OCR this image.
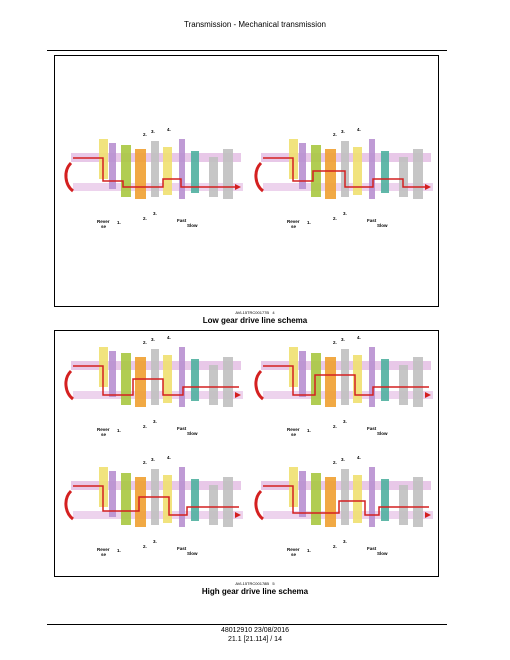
Transmission - Mechanical transmission
2.
3.	4.
Rever
se
1.
2.
3.
Fast
Slow
2.
3.	4.
Rever
se
1.
2.
3.
Fast
Slow
AVL15TRC00177B 4
Low gear drive line schema
2.
3.	4.
Rever
se
1.
2.
3.
Fast
Slow
2.
3.	4.
Rever
se
1.
2.
3.
Fast
Slow
2.
3.	4.
Rever
se
1.
2.
3.
Fast
Slow
2.
3.	4.
Rever
se
1.
2.
3.
Fast
Slow
AVL15TRC00178B 5
High gear drive line schema
48012910 23/08/2016
21.1 [21.114] / 14
